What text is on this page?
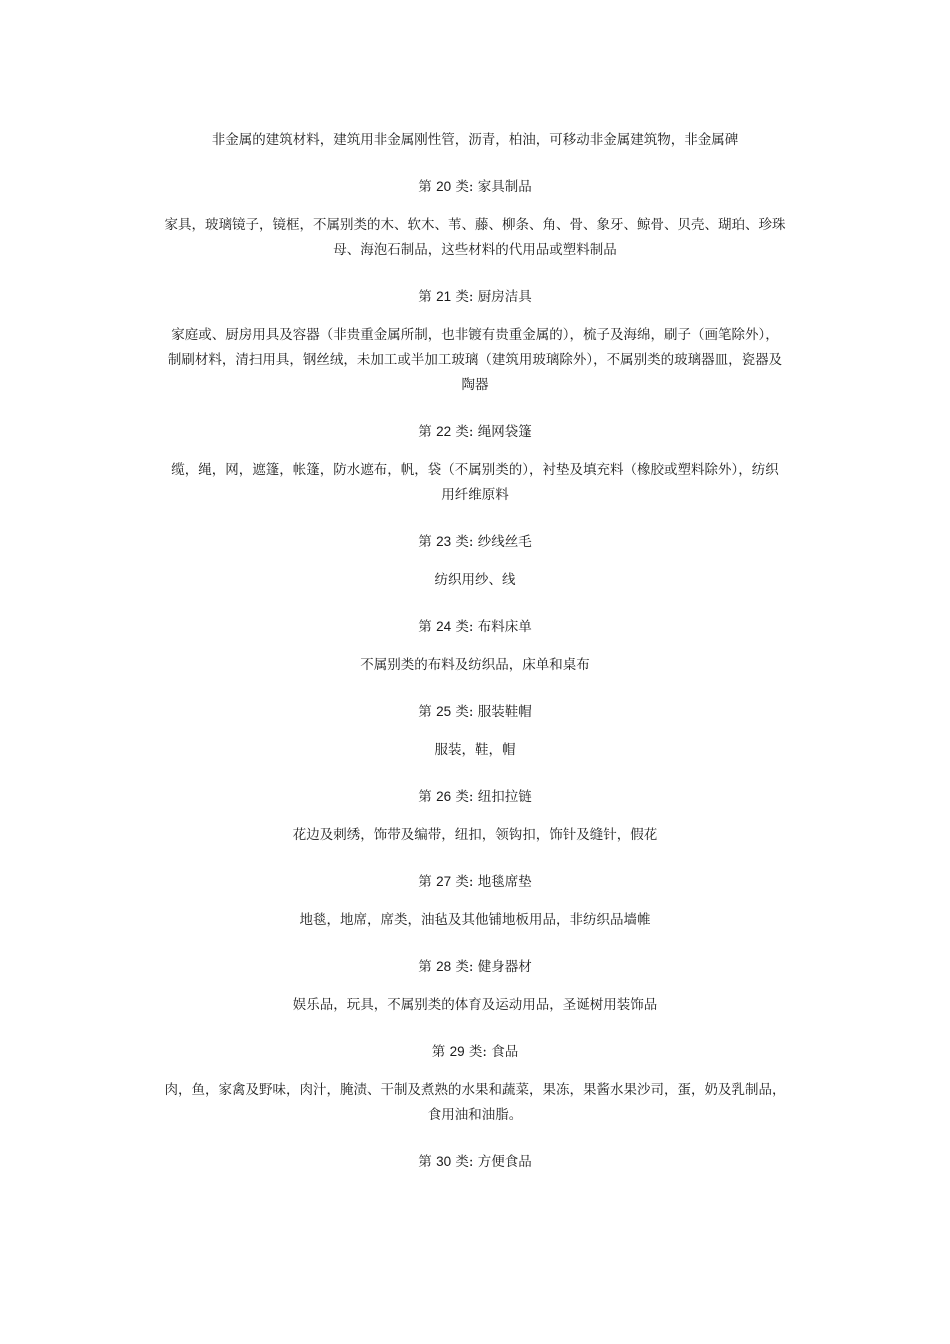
非金属的建筑材料，建筑用非金属刚性管，沥青，柏油，可移动非金属建筑物，非金属碑

第 20 类: 家具制品

家具，玻璃镜子，镜框，不属别类的木、软木、苇、藤、柳条、角、骨、象牙、鲸骨、贝壳、瑚珀、珍珠
母、海泡石制品，这些材料的代用品或塑料制品

第 21 类: 厨房洁具

家庭或、厨房用具及容器（非贵重金属所制，也非镀有贵重金属的），梳子及海绵，刷子（画笔除外），
制刷材料，清扫用具，钢丝绒，未加工或半加工玻璃（建筑用玻璃除外），不属别类的玻璃器皿，瓷器及
陶器

第 22 类: 绳网袋篷

缆，绳，网，遮篷，帐篷，防水遮布，帆，袋（不属别类的），衬垫及填充料（橡胶或塑料除外），纺织
用纤维原料

第 23 类: 纱线丝毛

纺织用纱、线

第 24 类: 布料床单

不属别类的布料及纺织品，床单和桌布

第 25 类: 服装鞋帽

服装，鞋，帽

第 26 类: 纽扣拉链

花边及刺绣，饰带及编带，纽扣，领钩扣，饰针及缝针，假花

第 27 类: 地毯席垫

地毯，地席，席类，油毡及其他铺地板用品，非纺织品墙帷

第 28 类: 健身器材

娱乐品，玩具，不属别类的体育及运动用品，圣诞树用装饰品

第 29 类: 食品

肉，鱼，家禽及野味，肉汁，腌渍、干制及煮熟的水果和蔬菜，果冻，果酱水果沙司，蛋，奶及乳制品，
食用油和油脂。

第 30 类: 方便食品
